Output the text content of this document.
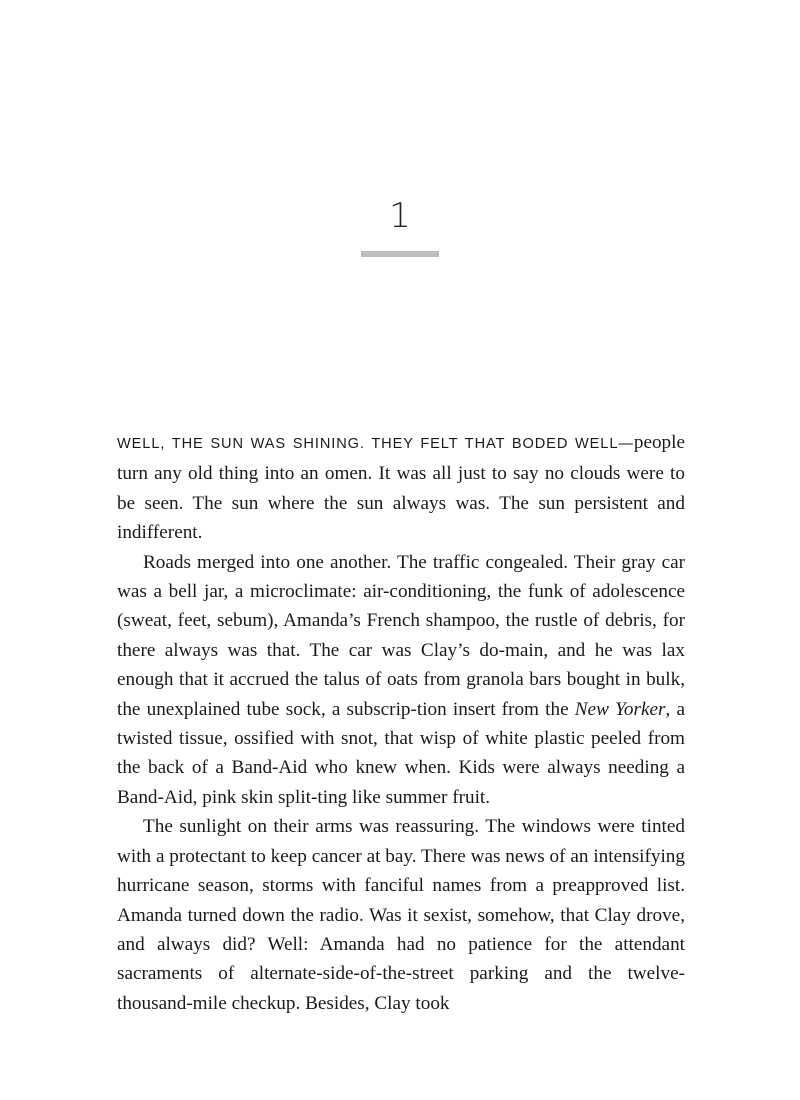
1

WELL, THE SUN WAS SHINING. THEY FELT THAT BODED WELL—people turn any old thing into an omen. It was all just to say no clouds were to be seen. The sun where the sun always was. The sun persistent and indifferent.

Roads merged into one another. The traffic congealed. Their gray car was a bell jar, a microclimate: air-conditioning, the funk of adolescence (sweat, feet, sebum), Amanda’s French shampoo, the rustle of debris, for there always was that. The car was Clay’s do-main, and he was lax enough that it accrued the talus of oats from granola bars bought in bulk, the unexplained tube sock, a subscrip-tion insert from the New Yorker, a twisted tissue, ossified with snot, that wisp of white plastic peeled from the back of a Band-Aid who knew when. Kids were always needing a Band-Aid, pink skin split-ting like summer fruit.

The sunlight on their arms was reassuring. The windows were tinted with a protectant to keep cancer at bay. There was news of an intensifying hurricane season, storms with fanciful names from a preapproved list. Amanda turned down the radio. Was it sexist, somehow, that Clay drove, and always did? Well: Amanda had no patience for the attendant sacraments of alternate-side-of-the-street parking and the twelve-thousand-mile checkup. Besides, Clay took
